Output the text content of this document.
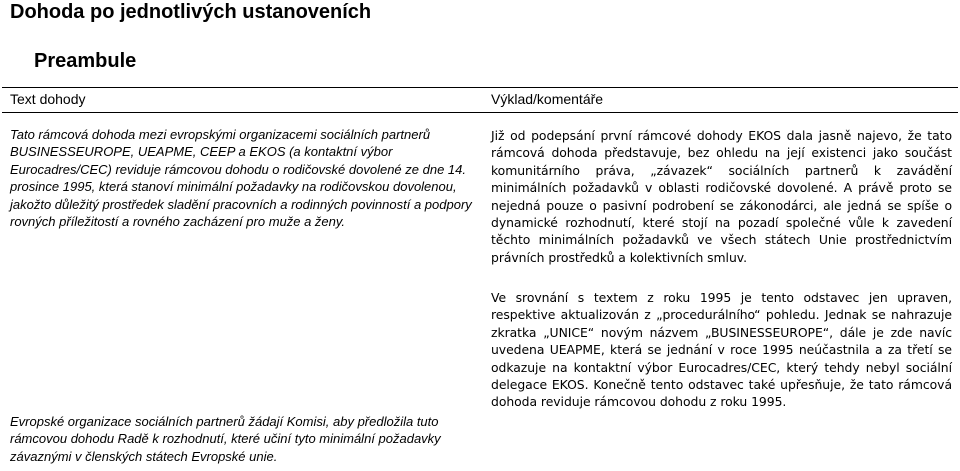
Dohoda po jednotlivých ustanoveních
Preambule
Text dohody	Výklad/komentáře

Tato rámcová dohoda mezi evropskými organizacemi sociálních partnerů BUSINESSEUROPE, UEAPME, CEEP a EKOS (a kontaktní výbor Eurocadres/CEC) reviduje rámcovou dohodu o rodičovské dovolené ze dne 14. prosince 1995, která stanoví minimální požadavky na rodičovskou dovolenou, jakožto důležitý prostředek sladění pracovních a rodinných povinností a podpory rovných příležitostí a rovného zacházení pro muže a ženy.

Evropské organizace sociálních partnerů žádají Komisi, aby předložila tuto rámcovou dohodu Radě k rozhodnutí, které učiní tyto minimální požadavky závaznými v členských státech Evropské unie.

Již od podepsání první rámcové dohody EKOS dala jasně najevo, že tato rámcová dohoda představuje, bez ohledu na její existenci jako součást komunitárního práva, „závazek“ sociálních partnerů k zavádění minimálních požadavků v oblasti rodičovské dovolené. A právě proto se nejedná pouze o pasivní podrobení se zákonodárci, ale jedná se spíše o dynamické rozhodnutí, které stojí na pozadí společné vůle k zavedení těchto minimálních požadavků ve všech státech Unie prostřednictvím právních prostředků a kolektivních smluv.

Ve srovnání s textem z roku 1995 je tento odstavec jen upraven, respektive aktualizován z „procedurálního“ pohledu. Jednak se nahrazuje zkratka „UNICE“ novým názvem „BUSINESSEUROPE“, dále je zde navíc uvedena UEAPME, která se jednání v roce 1995 neúčastnila a za třetí se odkazuje na kontaktní výbor Eurocadres/CEC, který tehdy nebyl sociální delegace EKOS. Konečně tento odstavec také upřesňuje, že tato rámcová dohoda reviduje rámcovou dohodu z roku 1995.
